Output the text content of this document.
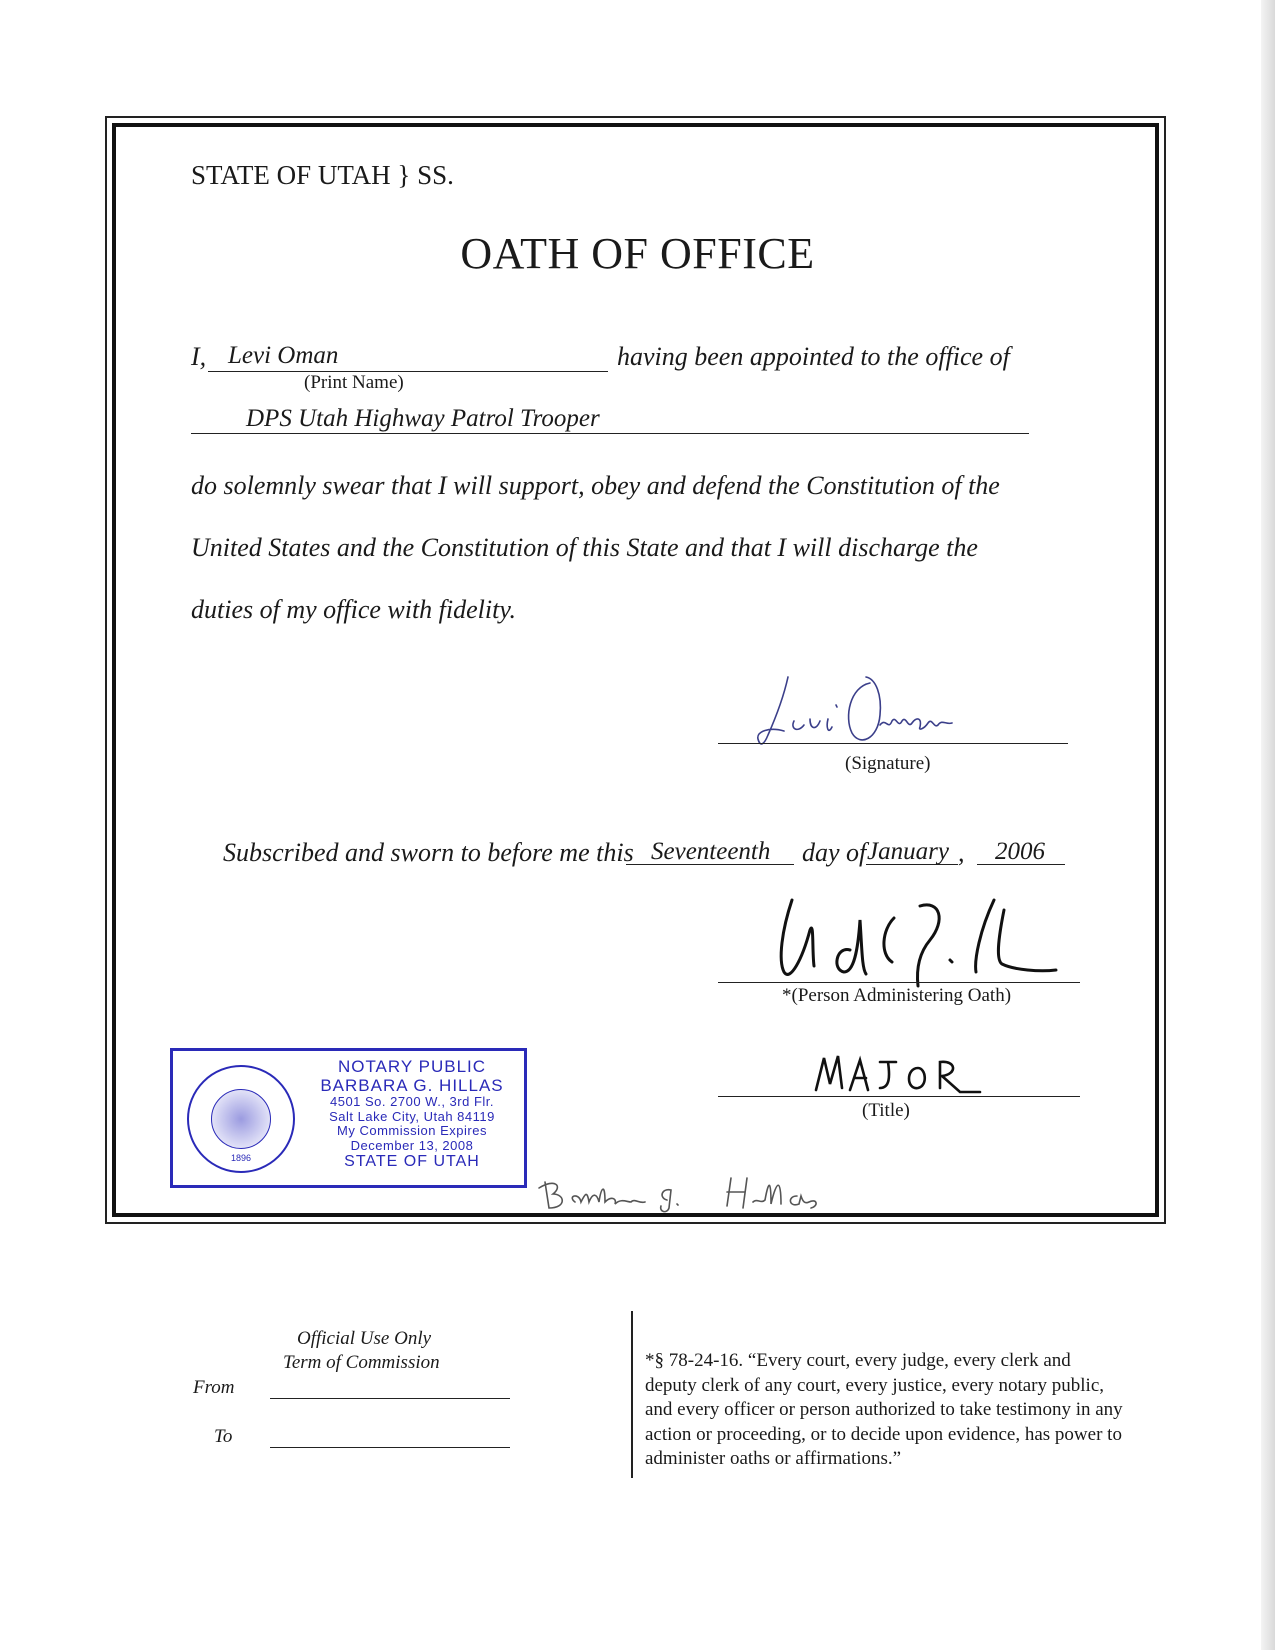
STATE OF UTAH } SS.
OATH OF OFFICE
I, Levi Oman	having been appointed to the office of
(Print Name)
DPS Utah Highway Patrol Trooper
do solemnly swear that I will support, obey and defend the Constitution of the
United States and the Constitution of this State and that I will discharge the
duties of my office with fidelity.
(Signature)
Subscribed and sworn to before me this Seventeenth day of January , 2006
*(Person Administering Oath)
(Title)
1896
NOTARY PUBLIC
BARBARA G. HILLAS
4501 So. 2700 W., 3rd Flr.
Salt Lake City, Utah 84119
My Commission Expires
December 13, 2008
STATE OF UTAH
Official Use Only
Term of Commission
From
To
*§ 78-24-16. “Every court, every judge, every clerk and deputy clerk of any court, every justice, every notary public, and every officer or person authorized to take testimony in any action or proceeding, or to decide upon evidence, has power to administer oaths or affirmations.”
